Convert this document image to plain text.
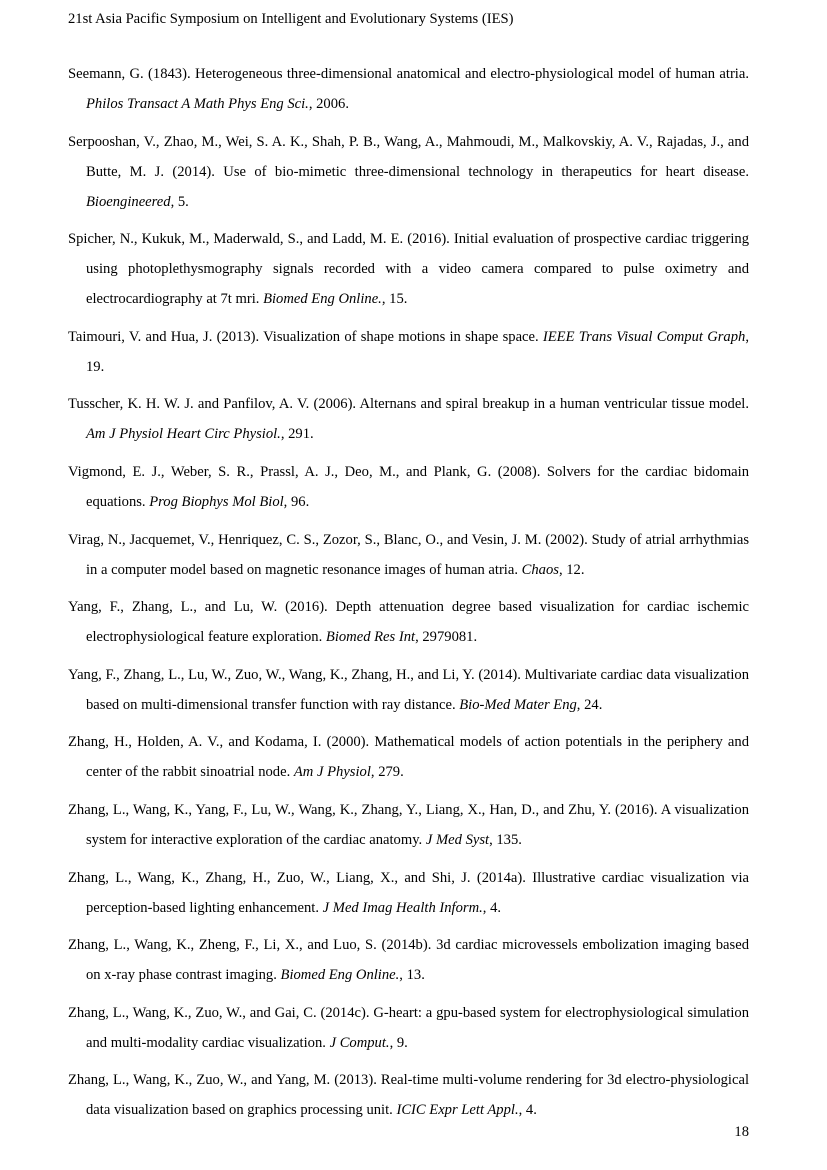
21st Asia Pacific Symposium on Intelligent and Evolutionary Systems (IES)

Seemann, G. (1843). Heterogeneous three-dimensional anatomical and electro-physiological model of human atria. Philos Transact A Math Phys Eng Sci., 2006.

Serpooshan, V., Zhao, M., Wei, S. A. K., Shah, P. B., Wang, A., Mahmoudi, M., Malkovskiy, A. V., Rajadas, J., and Butte, M. J. (2014). Use of bio-mimetic three-dimensional technology in therapeutics for heart disease. Bioengineered, 5.

Spicher, N., Kukuk, M., Maderwald, S., and Ladd, M. E. (2016). Initial evaluation of prospective cardiac triggering using photoplethysmography signals recorded with a video camera compared to pulse oximetry and electrocardiography at 7t mri. Biomed Eng Online., 15.

Taimouri, V. and Hua, J. (2013). Visualization of shape motions in shape space. IEEE Trans Visual Comput Graph, 19.

Tusscher, K. H. W. J. and Panfilov, A. V. (2006). Alternans and spiral breakup in a human ventricular tissue model. Am J Physiol Heart Circ Physiol., 291.

Vigmond, E. J., Weber, S. R., Prassl, A. J., Deo, M., and Plank, G. (2008). Solvers for the cardiac bidomain equations. Prog Biophys Mol Biol, 96.

Virag, N., Jacquemet, V., Henriquez, C. S., Zozor, S., Blanc, O., and Vesin, J. M. (2002). Study of atrial arrhythmias in a computer model based on magnetic resonance images of human atria. Chaos, 12.

Yang, F., Zhang, L., and Lu, W. (2016). Depth attenuation degree based visualization for cardiac ischemic electrophysiological feature exploration. Biomed Res Int, 2979081.

Yang, F., Zhang, L., Lu, W., Zuo, W., Wang, K., Zhang, H., and Li, Y. (2014). Multivariate cardiac data visualization based on multi-dimensional transfer function with ray distance. Bio-Med Mater Eng, 24.

Zhang, H., Holden, A. V., and Kodama, I. (2000). Mathematical models of action potentials in the periphery and center of the rabbit sinoatrial node. Am J Physiol, 279.

Zhang, L., Wang, K., Yang, F., Lu, W., Wang, K., Zhang, Y., Liang, X., Han, D., and Zhu, Y. (2016). A visualization system for interactive exploration of the cardiac anatomy. J Med Syst, 135.

Zhang, L., Wang, K., Zhang, H., Zuo, W., Liang, X., and Shi, J. (2014a). Illustrative cardiac visualization via perception-based lighting enhancement. J Med Imag Health Inform., 4.

Zhang, L., Wang, K., Zheng, F., Li, X., and Luo, S. (2014b). 3d cardiac microvessels embolization imaging based on x-ray phase contrast imaging. Biomed Eng Online., 13.

Zhang, L., Wang, K., Zuo, W., and Gai, C. (2014c). G-heart: a gpu-based system for electrophysiological simulation and multi-modality cardiac visualization. J Comput., 9.

Zhang, L., Wang, K., Zuo, W., and Yang, M. (2013). Real-time multi-volume rendering for 3d electro-physiological data visualization based on graphics processing unit. ICIC Expr Lett Appl., 4.

18
